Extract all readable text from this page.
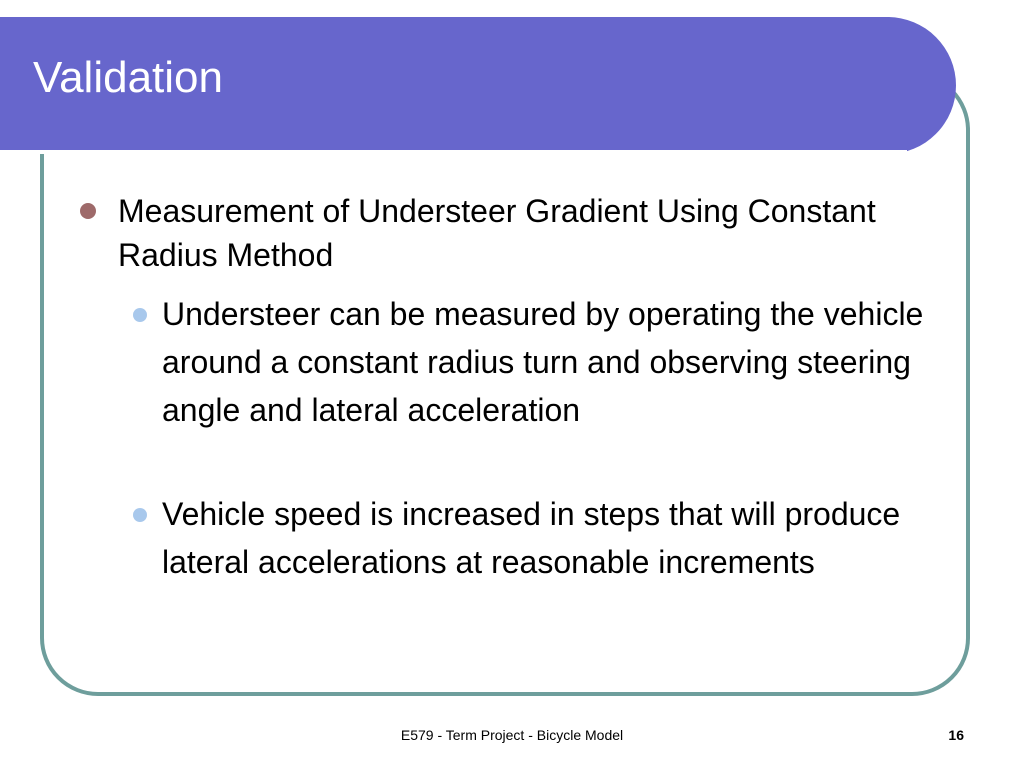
Validation
Measurement of Understeer Gradient Using Constant Radius Method
Understeer can be measured by operating the vehicle around a constant radius turn and observing steering angle and lateral acceleration
Vehicle speed is increased in steps that will produce lateral accelerations at reasonable increments
E579 - Term Project - Bicycle Model	16
